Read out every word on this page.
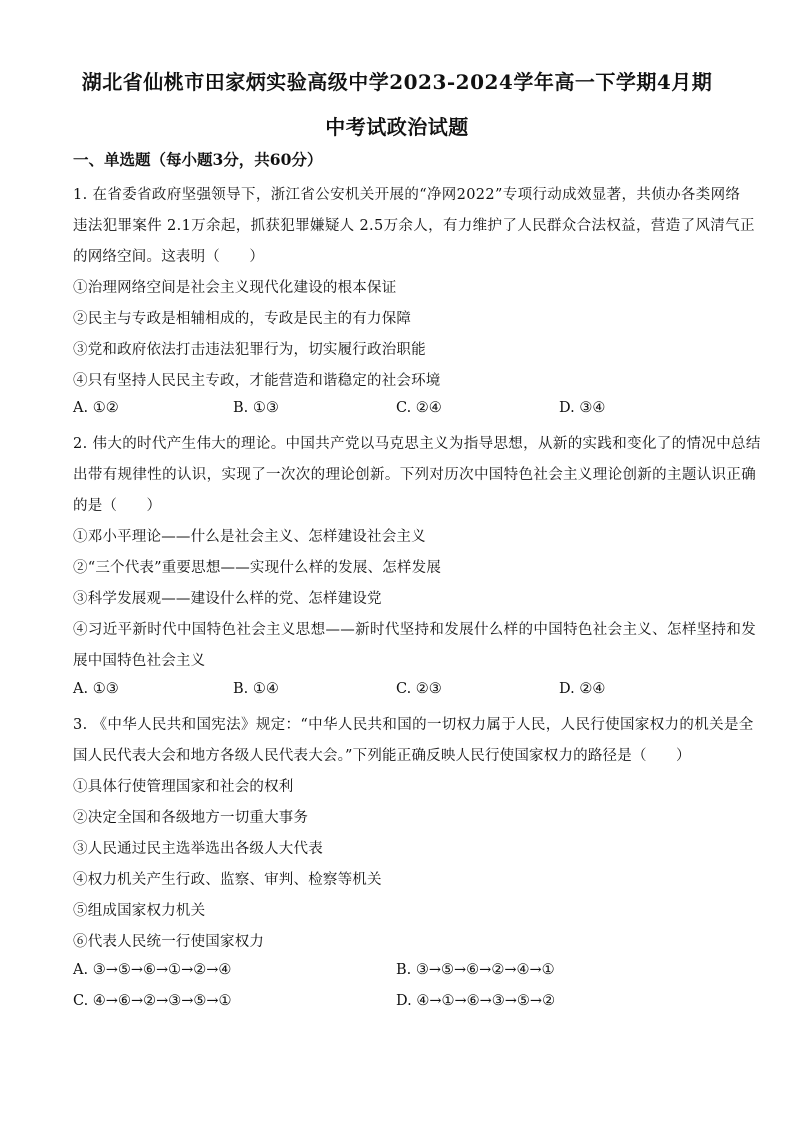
湖北省仙桃市田家炳实验高级中学2023-2024学年高一下学期4月期
中考试政治试题
一、单选题（每小题3分，共60分）
1. 在省委省政府坚强领导下，浙江省公安机关开展的“净网2022”专项行动成效显著，共侦办各类网络
违法犯罪案件 2.1万余起，抓获犯罪嫌疑人 2.5万余人，有力维护了人民群众合法权益，营造了风清气正
的网络空间。这表明（　　）
①治理网络空间是社会主义现代化建设的根本保证
②民主与专政是相辅相成的，专政是民主的有力保障
③党和政府依法打击违法犯罪行为，切实履行政治职能
④只有坚持人民民主专政，才能营造和谐稳定的社会环境
A. ①②	B. ①③	C. ②④	D. ③④
2. 伟大的时代产生伟大的理论。中国共产党以马克思主义为指导思想，从新的实践和变化了的情况中总结
出带有规律性的认识，实现了一次次的理论创新。下列对历次中国特色社会主义理论创新的主题认识正确
的是（　　）
①邓小平理论——什么是社会主义、怎样建设社会主义
②“三个代表”重要思想——实现什么样的发展、怎样发展
③科学发展观——建设什么样的党、怎样建设党
④习近平新时代中国特色社会主义思想——新时代坚持和发展什么样的中国特色社会主义、怎样坚持和发
展中国特色社会主义
A. ①③	B. ①④	C. ②③	D. ②④
3. 《中华人民共和国宪法》规定：“中华人民共和国的一切权力属于人民，人民行使国家权力的机关是全
国人民代表大会和地方各级人民代表大会。”下列能正确反映人民行使国家权力的路径是（　　）
①具体行使管理国家和社会的权利
②决定全国和各级地方一切重大事务
③人民通过民主选举选出各级人大代表
④权力机关产生行政、监察、审判、检察等机关
⑤组成国家权力机关
⑥代表人民统一行使国家权力
A. ③→⑤→⑥→①→②→④	B. ③→⑤→⑥→②→④→①
C. ④→⑥→②→③→⑤→①	D. ④→①→⑥→③→⑤→②
